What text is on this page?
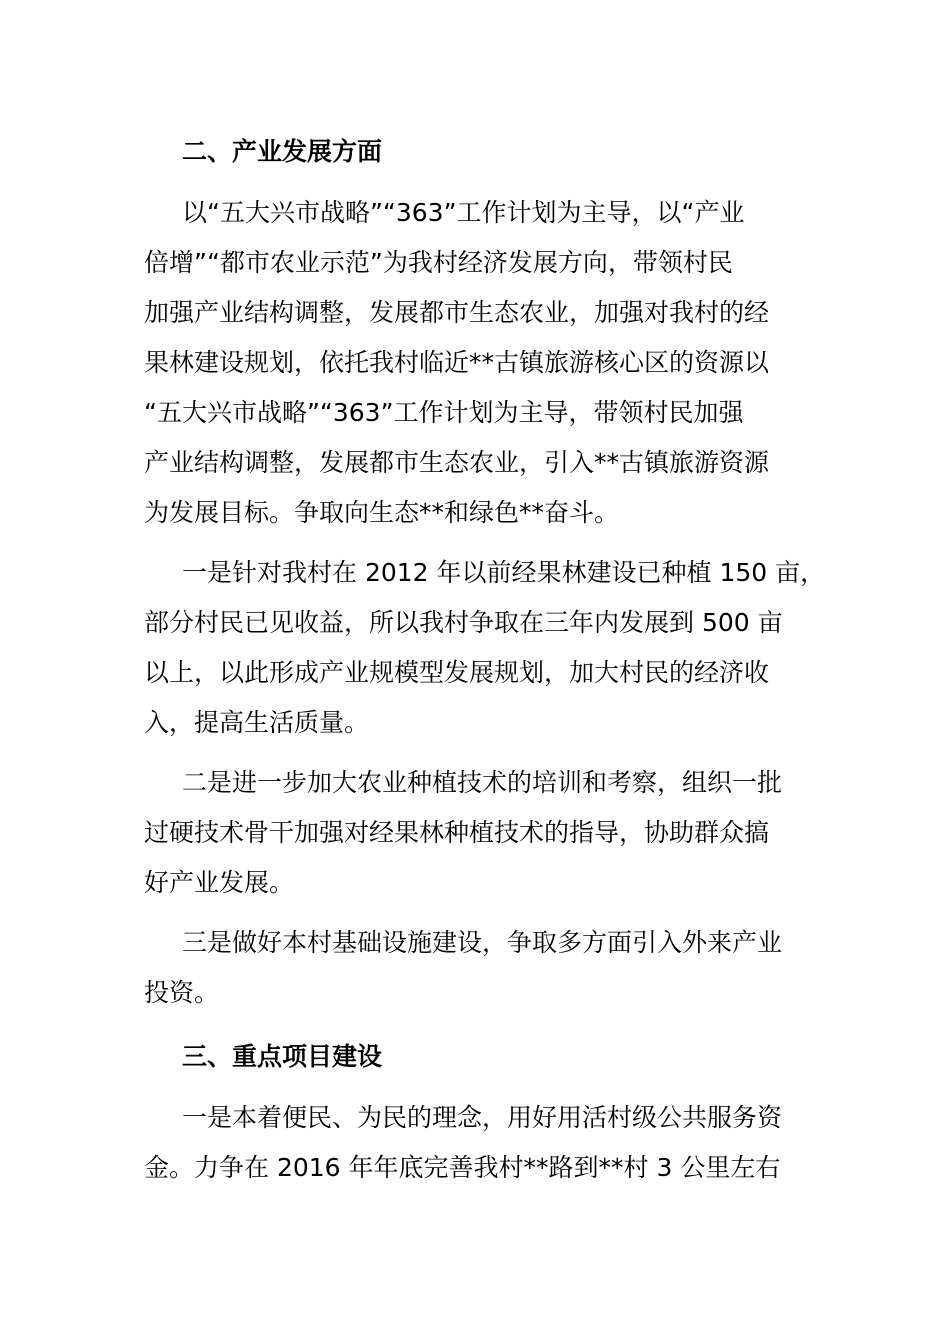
二、产业发展方面
以“五大兴市战略”“363”工作计划为主导，以“产业
倍增”“都市农业示范”为我村经济发展方向，带领村民
加强产业结构调整，发展都市生态农业，加强对我村的经
果林建设规划，依托我村临近**古镇旅游核心区的资源以
“五大兴市战略”“363”工作计划为主导，带领村民加强
产业结构调整，发展都市生态农业，引入**古镇旅游资源
为发展目标。争取向生态**和绿色**奋斗。
一是针对我村在 2012 年以前经果林建设已种植 150 亩，
部分村民已见收益，所以我村争取在三年内发展到 500 亩
以上，以此形成产业规模型发展规划，加大村民的经济收
入，提高生活质量。
二是进一步加大农业种植技术的培训和考察，组织一批
过硬技术骨干加强对经果林种植技术的指导，协助群众搞
好产业发展。
三是做好本村基础设施建设，争取多方面引入外来产业
投资。
三、重点项目建设
一是本着便民、为民的理念，用好用活村级公共服务资
金。力争在 2016 年年底完善我村**路到**村 3 公里左右
